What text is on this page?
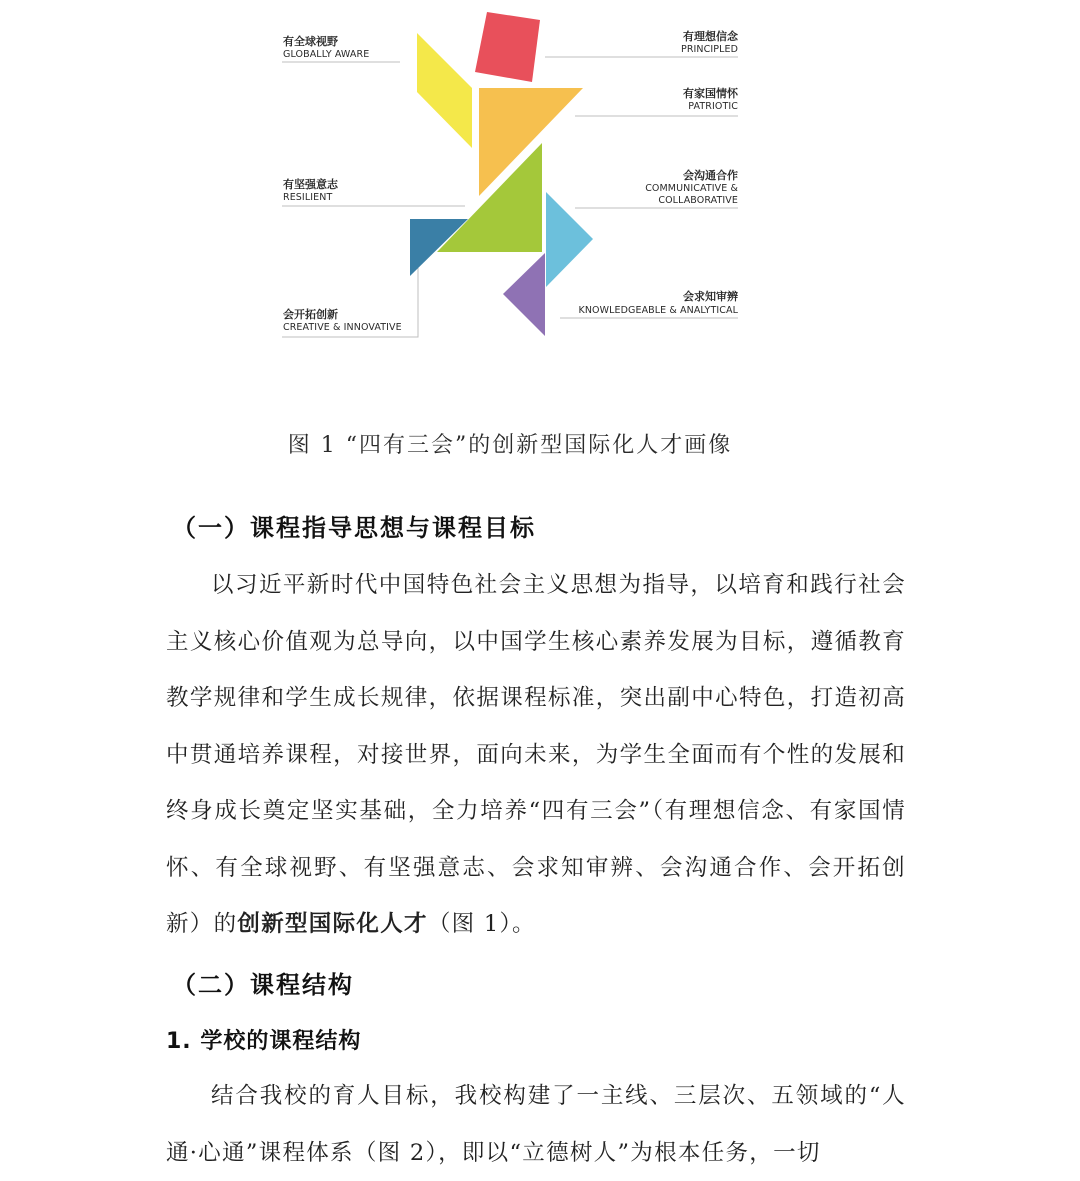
有全球视野
GLOBALLY AWARE
有理想信念
PRINCIPLED
有家国情怀
PATRIOTIC
有坚强意志
RESILIENT
会沟通合作
COMMUNICATIVE &
COLLABORATIVE
会开拓创新
CREATIVE & INNOVATIVE
会求知审辨
KNOWLEDGEABLE & ANALYTICAL
图 1 “四有三会”的创新型国际化人才画像
（一）课程指导思想与课程目标
以习近平新时代中国特色社会主义思想为指导，以培育和践行社会主义核心价值观为总导向，以中国学生核心素养发展为目标，遵循教育教学规律和学生成长规律，依据课程标准，突出副中心特色，打造初高中贯通培养课程，对接世界，面向未来，为学生全面而有个性的发展和终身成长奠定坚实基础，全力培养“四有三会”（有理想信念、有家国情怀、有全球视野、有坚强意志、会求知审辨、会沟通合作、会开拓创新）的创新型国际化人才（图 1）。
（二）课程结构
1. 学校的课程结构
结合我校的育人目标，我校构建了一主线、三层次、五领域的“人通·心通”课程体系（图 2），即以“立德树人”为根本任务，一切
